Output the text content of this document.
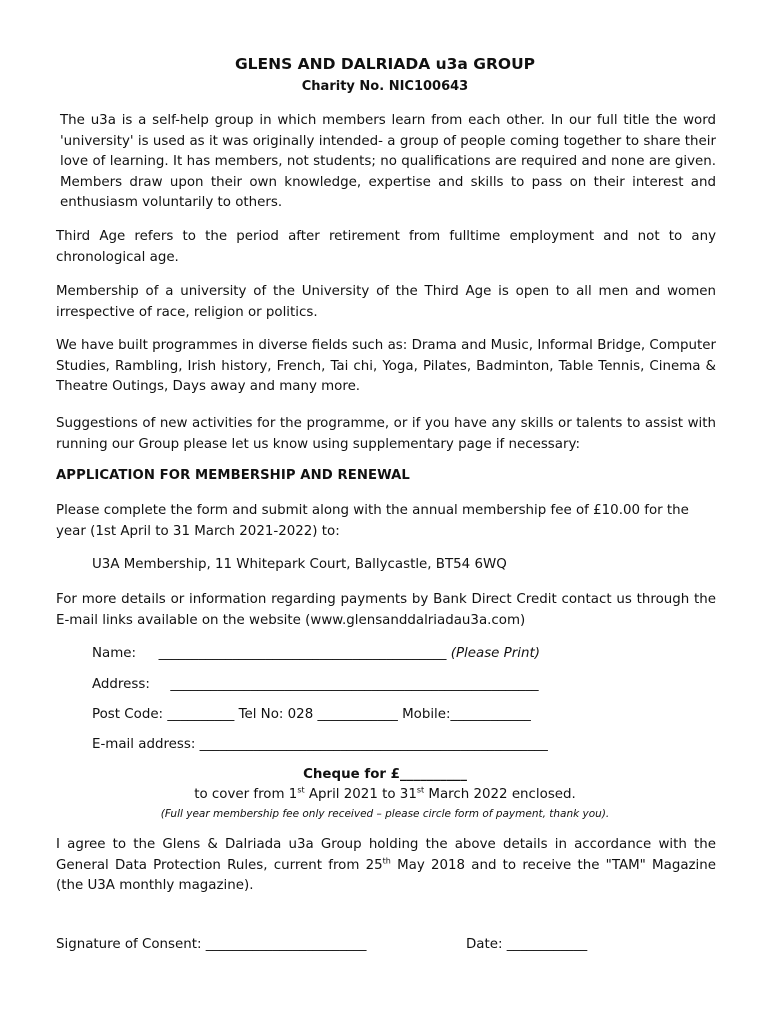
GLENS AND DALRIADA u3a GROUP
Charity No. NIC100643
The u3a is a self-help group in which members learn from each other. In our full title the word 'university' is used as it was originally intended- a group of people coming together to share their love of learning. It has members, not students; no qualifications are required and none are given. Members draw upon their own knowledge, expertise and skills to pass on their interest and enthusiasm voluntarily to others.
Third Age refers to the period after retirement from fulltime employment and not to any chronological age.
Membership of a university of the University of the Third Age is open to all men and women irrespective of race, religion or politics.
We have built programmes in diverse fields such as: Drama and Music, Informal Bridge, Computer Studies, Rambling, Irish history, French, Tai chi, Yoga, Pilates, Badminton, Table Tennis, Cinema & Theatre Outings, Days away and many more.
Suggestions of new activities for the programme, or if you have any skills or talents to assist with running our Group please let us know using supplementary page if necessary:
APPLICATION FOR MEMBERSHIP AND RENEWAL
Please complete the form and submit along with the annual membership fee of £10.00 for the year (1st April to 31 March 2021-2022) to:
U3A Membership, 11 Whitepark Court, Ballycastle, BT54 6WQ
For more details or information regarding payments by Bank Direct Credit contact us through the E-mail links available on the website (www.glensanddalriadau3a.com)
Name: ___________________________________________ (Please Print)
Address: _______________________________________________________
Post Code: __________ Tel No: 028 ____________ Mobile:____________
E-mail address: ____________________________________________________
Cheque for £__________
to cover from 1st April 2021 to 31st March 2022 enclosed.
(Full year membership fee only received – please circle form of payment, thank you).
I agree to the Glens & Dalriada u3a Group holding the above details in accordance with the General Data Protection Rules, current from 25th May 2018 and to receive the "TAM" Magazine (the U3A monthly magazine).
Signature of Consent: ________________________	Date: ____________
